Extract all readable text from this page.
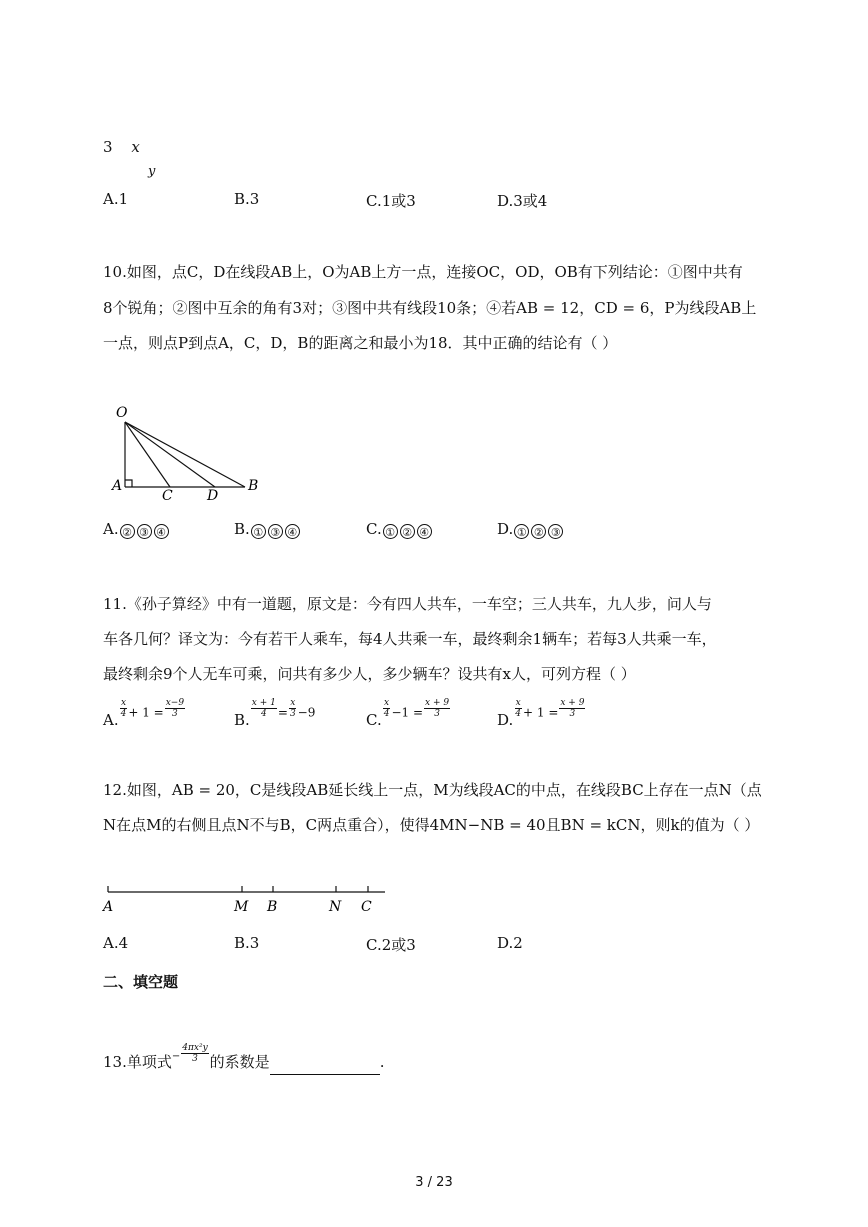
3 x
y
A.1	B.3	C.1或3	D.3或4
10.如图，点C，D在线段AB上，O为AB上方一点，连接OC，OD，OB有下列结论：①图中共有
8个锐角；②图中互余的角有3对；③图中共有线段10条；④若AB = 12，CD = 6，P为线段AB上
一点，则点P到点A，C，D，B的距离之和最小为18．其中正确的结论有（ ）
O
A
C D
B
A. ② ③ ④	B. ① ③ ④	C. ① ② ④	D. ① ② ③
11.《孙子算经》中有一道题，原文是：今有四人共车，一车空；三人共车，九人步，问人与
车各几何？译文为：今有若干人乘车，每4人共乘一车，最终剩余1辆车；若每3人共乘一车，
最终剩余9个人无车可乘，问共有多少人，多少辆车？设共有x人，可列方程（ ）
A.
$\frac{x}{4} + 1 = \frac{x-9}{3}$
B.
$\frac{x + 1}{4} = \frac{x}{3} -9$	C.
$\frac{x}{4} -1 = \frac{x + 9}{3}$
D.
$\frac{x}{4} + 1 = \frac{x + 9}{3}$
12.如图，AB = 20，C是线段AB延长线上一点，M为线段AC的中点，在线段BC上存在一点N（点
N在点M的右侧且点N不与B，C两点重合），使得4MN−NB = 40且BN = kCN，则k的值为（ ）
A	M B	N C
A.4	B.3	C.2或3	D.2
二、填空题
13.单项式$^- \frac{\text{4πx²y}}{3}$ 的系数是	.
3 / 23
